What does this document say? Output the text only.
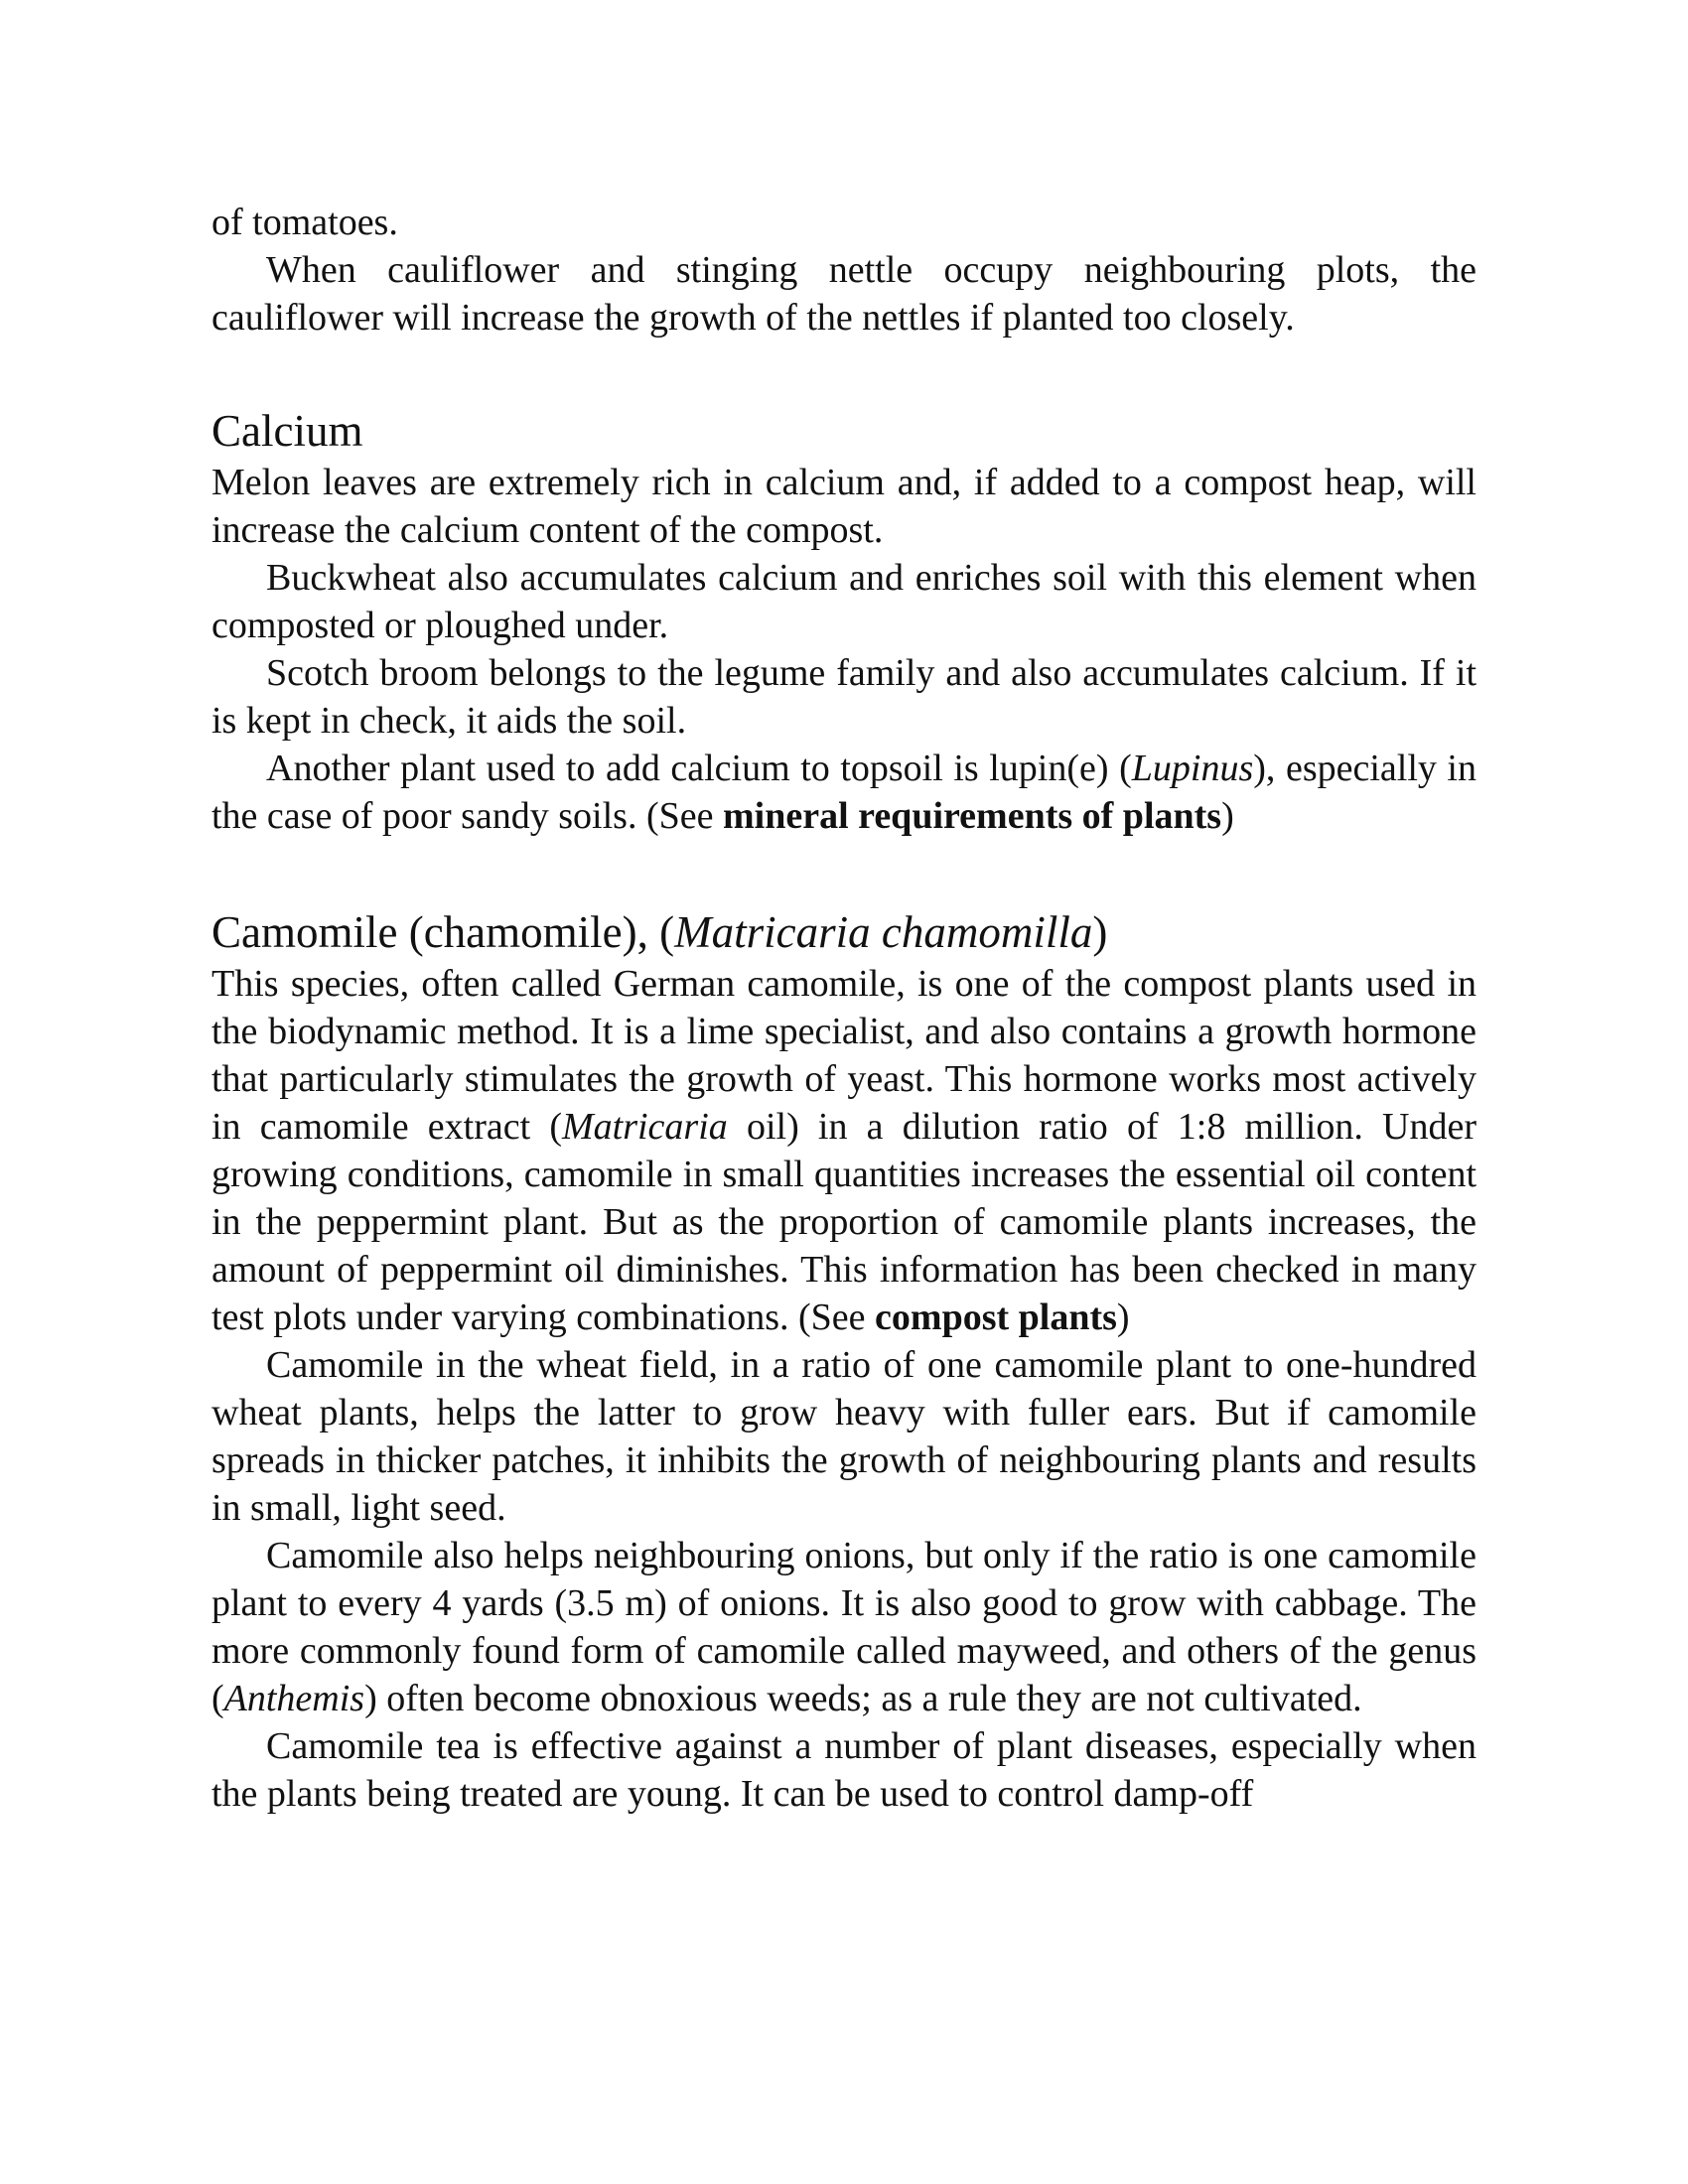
of tomatoes.

When cauliflower and stinging nettle occupy neighbouring plots, the cauliflower will increase the growth of the nettles if planted too closely.

Calcium

Melon leaves are extremely rich in calcium and, if added to a compost heap, will increase the calcium content of the compost.

Buckwheat also accumulates calcium and enriches soil with this element when composted or ploughed under.

Scotch broom belongs to the legume family and also accumulates calcium. If it is kept in check, it aids the soil.

Another plant used to add calcium to topsoil is lupin(e) (Lupinus), especially in the case of poor sandy soils. (See mineral requirements of plants)

Camomile (chamomile), (Matricaria chamomilla)

This species, often called German camomile, is one of the compost plants used in the biodynamic method. It is a lime specialist, and also contains a growth hormone that particularly stimulates the growth of yeast. This hormone works most actively in camomile extract (Matricaria oil) in a dilution ratio of 1:8 million. Under growing conditions, camomile in small quantities increases the essential oil content in the peppermint plant. But as the proportion of camomile plants increases, the amount of peppermint oil diminishes. This information has been checked in many test plots under varying combinations. (See compost plants)

Camomile in the wheat field, in a ratio of one camomile plant to one-hundred wheat plants, helps the latter to grow heavy with fuller ears. But if camomile spreads in thicker patches, it inhibits the growth of neighbouring plants and results in small, light seed.

Camomile also helps neighbouring onions, but only if the ratio is one camomile plant to every 4 yards (3.5 m) of onions. It is also good to grow with cabbage. The more commonly found form of camomile called mayweed, and others of the genus (Anthemis) often become obnoxious weeds; as a rule they are not cultivated.

Camomile tea is effective against a number of plant diseases, especially when the plants being treated are young. It can be used to control damp-off
